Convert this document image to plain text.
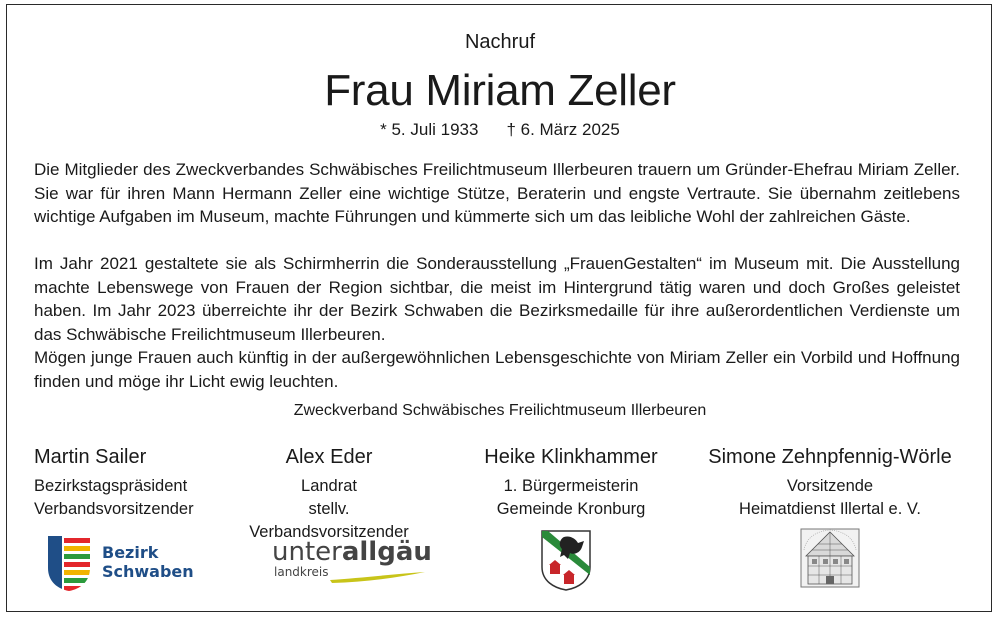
Nachruf
Frau Miriam Zeller
* 5. Juli 1933 † 6. März 2025
Die Mitglieder des Zweckverbandes Schwäbisches Freilichtmuseum Illerbeuren trauern um Gründer-Ehefrau Miriam Zeller. Sie war für ihren Mann Hermann Zeller eine wichtige Stütze, Beraterin und engste Vertraute. Sie übernahm zeitlebens wichtige Aufgaben im Museum, machte Führungen und kümmerte sich um das leibliche Wohl der zahlreichen Gäste.
Im Jahr 2021 gestaltete sie als Schirmherrin die Sonderausstellung „FrauenGestalten“ im Museum mit. Die Ausstellung machte Lebenswege von Frauen der Region sichtbar, die meist im Hintergrund tätig waren und doch Großes geleistet haben. Im Jahr 2023 überreichte ihr der Bezirk Schwaben die Bezirksmedaille für ihre außerordentlichen Verdienste um das Schwäbische Freilichtmuseum Illerbeuren.
Mögen junge Frauen auch künftig in der außergewöhnlichen Lebensgeschichte von Miriam Zeller ein Vorbild und Hoffnung finden und möge ihr Licht ewig leuchten.
Zweckverband Schwäbisches Freilichtmuseum Illerbeuren
Martin Sailer
Bezirkstagspräsident
Verbandsvorsitzender
Alex Eder
Landrat
stellv. Verbandsvorsitzender
Heike Klinkhammer
1. Bürgermeisterin
Gemeinde Kronburg
Simone Zehnpfennig-Wörle
Vorsitzende
Heimatdienst Illertal e. V.
Bezirk
Schwaben
unterallgäu
landkreis
